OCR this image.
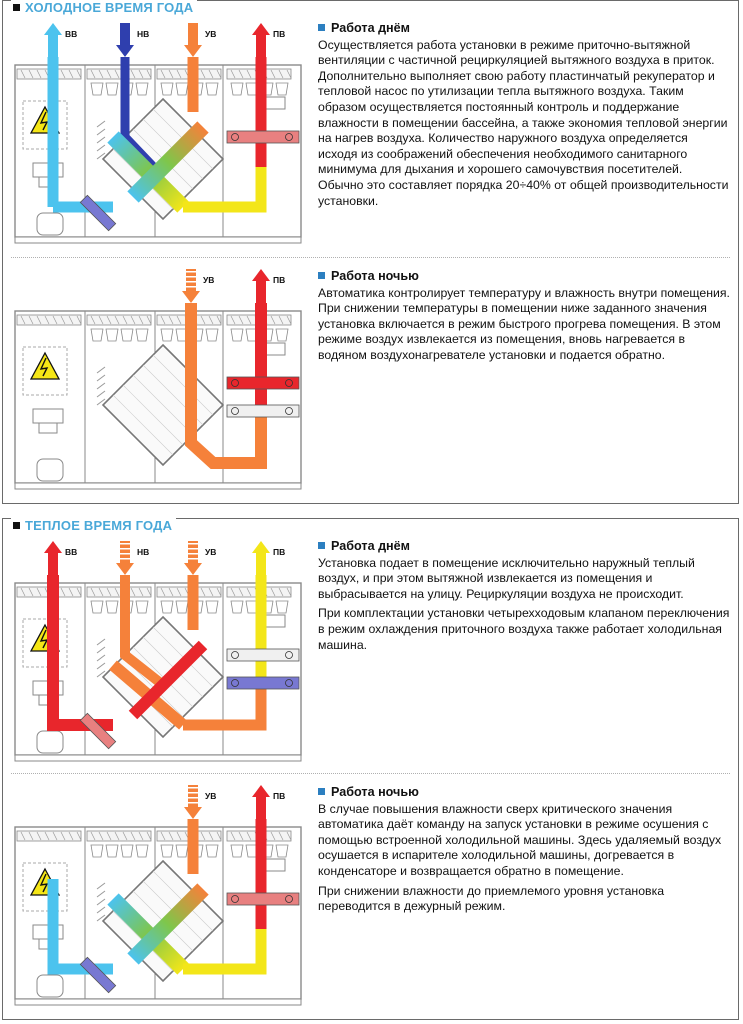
ХОЛОДНОЕ ВРЕМЯ ГОДА
ВВ	НВ	УВ	ПВ	Работа днём

Осуществляется работа установки в режиме приточно-вытяжной вентиляции с частичной рециркуляцией вытяжного воздуха в приток. Дополнительно выполняет свою работу пластинчатый рекуператор и тепловой насос по утилизации тепла вытяжного воздуха. Таким образом осуществляется постоянный контроль и поддержание влажности в помещении бассейна, а также экономия тепловой энергии на нагрев воздуха. Количество наружного воздуха определяется исходя из соображений обеспечения необходимого санитарного минимума для дыхания и хорошего самочувствия посетителей. Обычно это составляет порядка 20÷40% от общей производительности установки.

УВ	ПВ	Работа ночью

Автоматика контролирует температуру и влажность внутри помещения. При снижении температуры в помещении ниже заданного значения установка включается в режим быстрого прогрева помещения. В этом режиме воздух извлекается из помещения, вновь нагревается в водяном воздухонагревателе установки и подается обратно.

ТЕПЛОЕ ВРЕМЯ ГОДА
ВВ	НВ	УВ	ПВ	Работа днём

Установка подает в помещение исключительно наружный теплый воздух, и при этом вытяжной извлекается из помещения и выбрасывается на улицу. Рециркуляции воздуха не происходит.

При комплектации установки четырехходовым клапаном переключения в режим охлаждения приточного воздуха также работает холодильная машина.

УВ	ПВ	Работа ночью

В случае повышения влажности сверх критического значения автоматика даёт команду на запуск установки в режиме осушения с помощью встроенной холодильной машины. Здесь удаляемый воздух осушается в испарителе холодильной машины, догревается в конденсаторе и возвращается обратно в помещение.

При снижении влажности до приемлемого уровня установка переводится в дежурный режим.
